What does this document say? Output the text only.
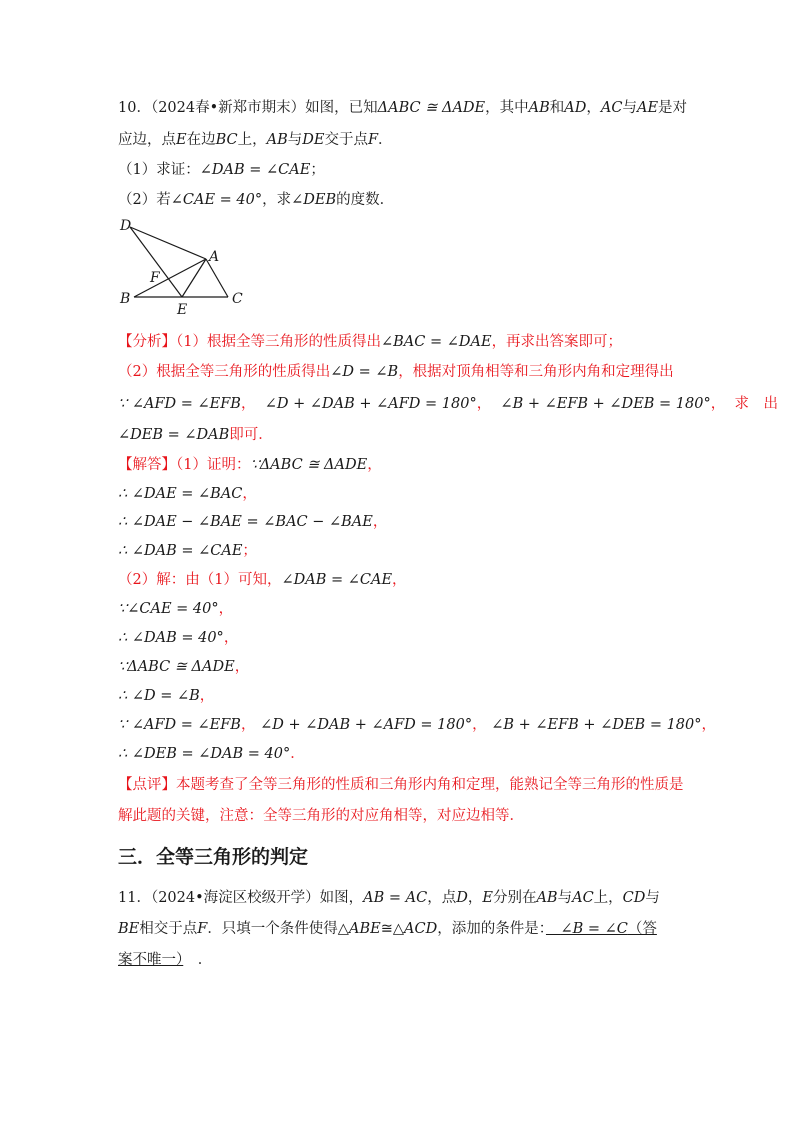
10．（2024春•新郑市期末）如图，已知ΔABC ≅ ΔADE，其中AB和AD，AC与AE是对
应边，点E在边BC上，AB与DE交于点F．
（1）求证：∠DAB = ∠CAE；
（2）若∠CAE = 40°，求∠DEB的度数．
D
A
F
B
E
C
【分析】（1）根据全等三角形的性质得出∠BAC = ∠DAE，再求出答案即可；
（2）根据全等三角形的性质得出∠D = ∠B，根据对顶角相等和三角形内角和定理得出
∵ ∠AFD = ∠EFB， ∠D + ∠DAB + ∠AFD = 180°， ∠B + ∠EFB + ∠DEB = 180°， 求　出
∠DEB = ∠DAB即可．
【解答】（1）证明：∵ΔABC ≅ ΔADE，
∴ ∠DAE = ∠BAC，
∴ ∠DAE − ∠BAE = ∠BAC − ∠BAE，
∴ ∠DAB = ∠CAE；
（2）解：由（1）可知，∠DAB = ∠CAE，
∵∠CAE = 40°，
∴ ∠DAB = 40°，
∵ΔABC ≅ ΔADE，
∴ ∠D = ∠B，
∵ ∠AFD = ∠EFB， ∠D + ∠DAB + ∠AFD = 180°， ∠B + ∠EFB + ∠DEB = 180°，
∴ ∠DEB = ∠DAB = 40°．
【点评】本题考查了全等三角形的性质和三角形内角和定理，能熟记全等三角形的性质是
解此题的关键，注意：全等三角形的对应角相等，对应边相等．
三．全等三角形的判定
11．（2024•海淀区校级开学）如图，AB = AC，点D，E分别在AB与AC上，CD与
BE相交于点F．只填一个条件使得△ABE≅△ACD，添加的条件是：　 ∠B = ∠C（答
案不唯一）　．
